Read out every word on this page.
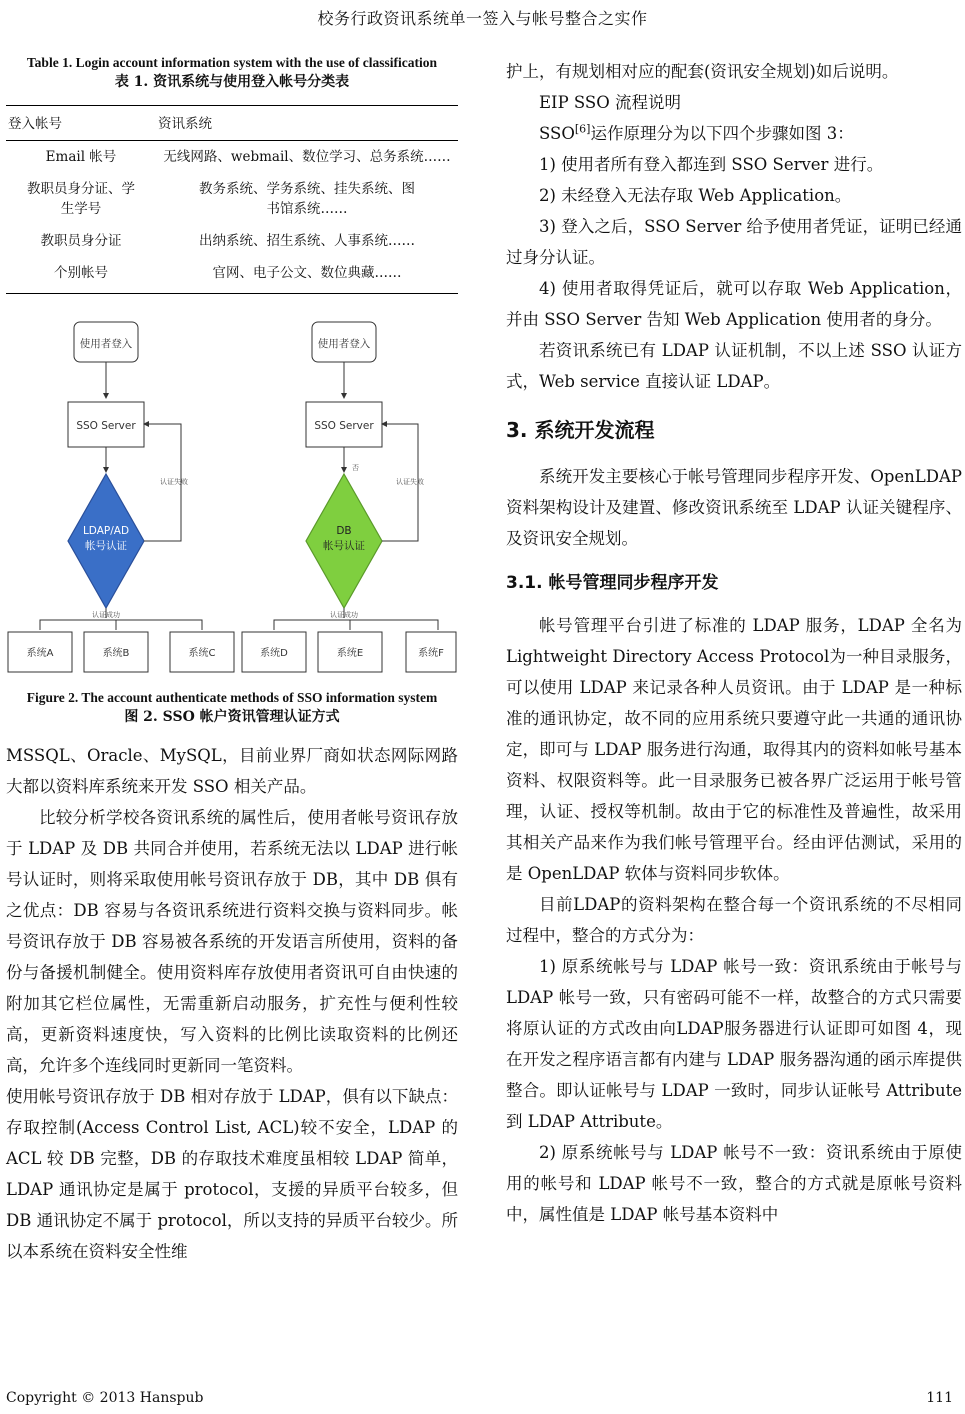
校务行政资讯系统单一签入与帐号整合之实作
Table 1. Login account information system with the use of classification
表 1. 资讯系统与使用登入帐号分类表
登入帐号	资讯系统
Email 帐号	无线网路、webmail、数位学习、总务系统……
教职员身分证、学生学号	教务系统、学务系统、挂失系统、图书馆系统……
教职员身分证	出纳系统、招生系统、人事系统……
个别帐号	官网、电子公文、数位典藏……
使用者登入
SSO Server
LDAP/AD
帐号认证
认证失败
认证成功
系统A	系统B	系统C
使用者登入
SSO Server
否
DB
帐号认证
认证失败
认证成功
系统D	系统E	系统F
Figure 2. The account authenticate methods of SSO information system
图 2. SSO 帐户资讯管理认证方式

MSSQL、Oracle、MySQL，目前业界厂商如状态网际网路大都以资料库系统来开发 SSO 相关产品。

比较分析学校各资讯系统的属性后，使用者帐号资讯存放于 LDAP 及 DB 共同合并使用，若系统无法以 LDAP 进行帐号认证时，则将采取使用帐号资讯存放于 DB，其中 DB 俱有之优点：DB 容易与各资讯系统进行资料交换与资料同步。帐号资讯存放于 DB 容易被各系统的开发语言所使用，资料的备份与备援机制健全。使用资料库存放使用者资讯可自由快速的附加其它栏位属性，无需重新启动服务，扩充性与便利性较高，更新资料速度快，写入资料的比例比读取资料的比例还高，允许多个连线同时更新同一笔资料。

使用帐号资讯存放于 DB 相对存放于 LDAP，俱有以下缺点：存取控制(Access Control List, ACL)较不安全，LDAP 的 ACL 较 DB 完整，DB 的存取技术难度虽相较 LDAP 简单，LDAP 通讯协定是属于 protocol，支援的异质平台较多，但 DB 通讯协定不属于 protocol，所以支持的异质平台较少。所以本系统在资料安全性维

护上，有规划相对应的配套(资讯安全规划)如后说明。

EIP SSO 流程说明

SSO[6]运作原理分为以下四个步骤如图 3：

1) 使用者所有登入都连到 SSO Server 进行。

2) 未经登入无法存取 Web Application。

3) 登入之后，SSO Server 给予使用者凭证，证明已经通过身分认证。

4) 使用者取得凭证后，就可以存取 Web Application，并由 SSO Server 告知 Web Application 使用者的身分。

若资讯系统已有 LDAP 认证机制，不以上述 SSO 认证方式，Web service 直接认证 LDAP。

3. 系统开发流程

系统开发主要核心于帐号管理同步程序开发、OpenLDAP 资料架构设计及建置、修改资讯系统至 LDAP 认证关键程序、及资讯安全规划。

3.1. 帐号管理同步程序开发

帐号管理平台引进了标准的 LDAP 服务，LDAP 全名为Lightweight Directory Access Protocol为一种目录服务，可以使用 LDAP 来记录各种人员资讯。由于 LDAP 是一种标准的通讯协定，故不同的应用系统只要遵守此一共通的通讯协定，即可与 LDAP 服务进行沟通，取得其内的资料如帐号基本资料、权限资料等。此一目录服务已被各界广泛运用于帐号管理，认证、授权等机制。故由于它的标准性及普遍性，故采用其相关产品来作为我们帐号管理平台。经由评估测试，采用的是 OpenLDAP 软体与资料同步软体。

目前LDAP的资料架构在整合每一个资讯系统的不尽相同过程中，整合的方式分为：

1) 原系统帐号与 LDAP 帐号一致：资讯系统由于帐号与 LDAP 帐号一致，只有密码可能不一样，故整合的方式只需要将原认证的方式改由向LDAP服务器进行认证即可如图 4，现在开发之程序语言都有内建与 LDAP 服务器沟通的函示库提供整合。即认证帐号与 LDAP 一致时，同步认证帐号 Attribute 到 LDAP Attribute。

2) 原系统帐号与 LDAP 帐号不一致：资讯系统由于原使用的帐号和 LDAP 帐号不一致，整合的方式就是原帐号资料中，属性值是 LDAP 帐号基本资料中

Copyright © 2013 Hanspub	111
